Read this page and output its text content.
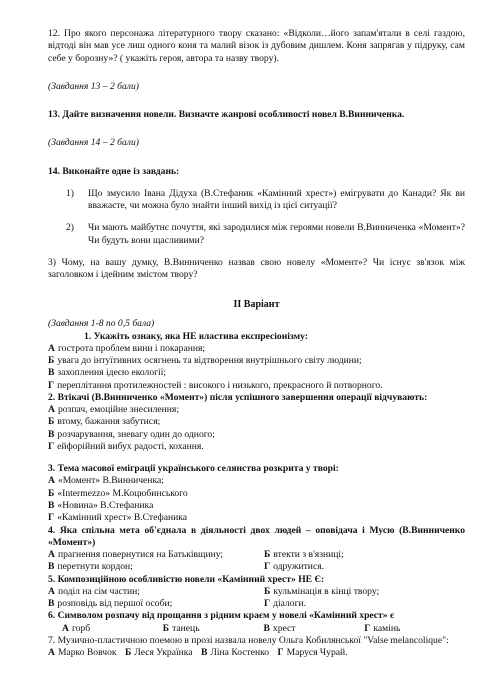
12. Про якого персонажа літературного твору сказано: «Відколи…його запам'ятали в селі газдою, відтоді він мав усе лиш одного коня та малий візок із дубовим дишлем. Коня запрягав у підруку, сам себе у борозну»? ( укажіть героя, автора та назву твору).

(Завдання 13 – 2 бали)

13. Дайте визначення новели. Визначте жанрові особливості новел В.Винниченка.

(Завдання 14 – 2 бали)

14. Виконайте одне із завдань:

1)	Що змусило Івана Дідуха (В.Стефаник «Камінний хрест») емігрувати до Канади? Як ви вважаєте, чи можна було знайти інший вихід із цієї ситуації?
2)	Чи мають майбутнє почуття, які зародилися між героями новели В.Винниченка «Момент»? Чи будуть вони щасливими?

3) Чому, на вашу думку, В.Винниченко назвав свою новелу «Момент»? Чи існує зв'язок між заголовком і ідейним змістом твору?

ІІ Варіант

(Завдання 1-8 по 0,5 бала)

1. Укажіть ознаку, яка НЕ властива експресіонізму:

А гострота проблем вини і покарання;

Б увага до інтуїтивних осягнень та відтворення внутрішнього світу людини;

В захоплення ідеєю екології;

Г переплітання протилежностей : високого і низького, прекрасного й потворного.

2. Втікачі (В.Винниченко «Момент») після успішного завершення операції відчувають:

А розпач, емоційне знесилення;

Б втому, бажання забутися;

В розчарування, зневагу один до одного;

Г ейфорійний вибух радості, кохання.

3. Тема масової еміграції українського селянства розкрита у творі:

А «Момент» В.Винниченка;

Б «Intermezzo» М.Коцюбинського

В «Новина» В.Стефаника

Г «Камінний хрест» В.Стефаника

4. Яка спільна мета об'єднала в діяльності двох людей – оповідача і Мусю (В.Винниченко «Момент»)

А прагнення повернутися на Батьківщину;	Б втекти з в'язниці;

В перетнути кордон;	Г одружитися.

5. Композиційною особливістю новели «Камінний хрест» НЕ Є:

А поділ на сім частин;	Б кульмінація в кінці твору;

В розповідь від першої особи;	Г діалоги.

6. Символом розпачу від прощання з рідним краєм у новелі «Камінний хрест» є

А горб	Б танець	В хрест	Г камінь

7. Музично-пластичною поемою в прозі назвала новелу Ольга Кобилянської "Valse melancolique":

А Марко Вовчок Б Леся Українка В Ліна Костенко Г Маруся Чурай.
